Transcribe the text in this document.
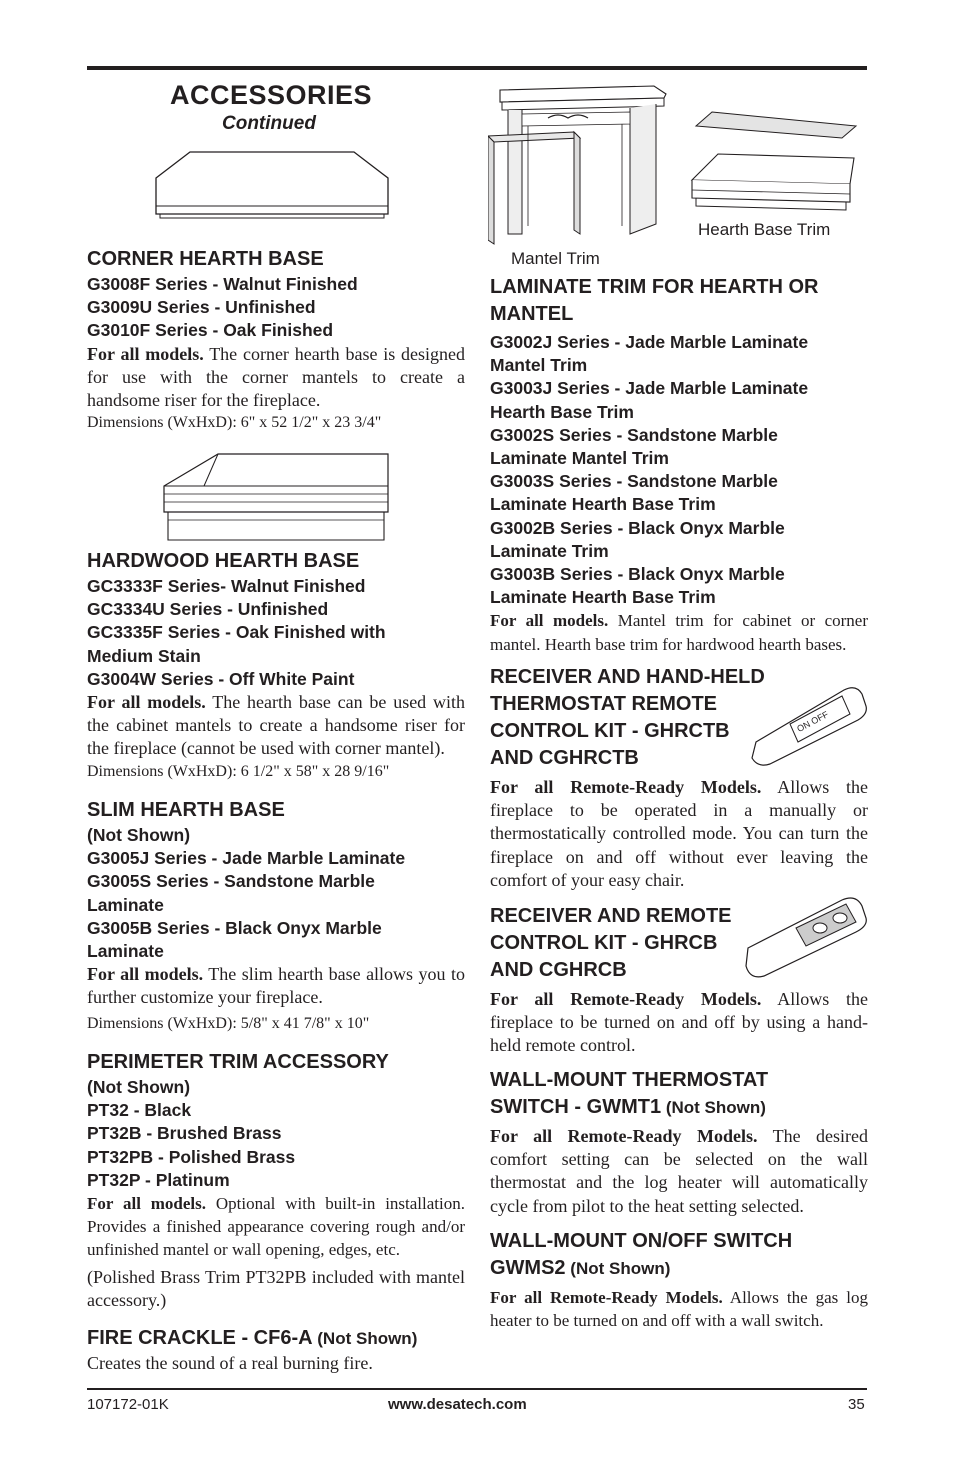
ACCESSORIES
Continued

CORNER HEARTH BASE

G3008F Series - Walnut Finished

G3009U Series - Unfinished

G3010F Series - Oak Finished

For all models. The corner hearth base is designed for use with the corner mantels to create a handsome riser for the fireplace.

Dimensions (WxHxD): 6" x 52 1/2" x 23 3/4"

HARDWOOD HEARTH BASE

GC3333F Series- Walnut Finished

GC3334U Series - Unfinished

GC3335F Series - Oak Finished with

Medium Stain

G3004W Series - Off White Paint

For all models. The hearth base can be used with the cabinet mantels to create a handsome riser for the fireplace (cannot be used with corner mantel).

Dimensions (WxHxD): 6 1/2" x 58" x 28 9/16"

SLIM HEARTH BASE

(Not Shown)

G3005J Series - Jade Marble Laminate

G3005S Series - Sandstone Marble

Laminate

G3005B Series - Black Onyx Marble

Laminate

For all models. The slim hearth base allows you to further customize your fireplace.

Dimensions (WxHxD): 5/8" x 41 7/8" x 10"

PERIMETER TRIM ACCESSORY

(Not Shown)

PT32 - Black

PT32B - Brushed Brass

PT32PB - Polished Brass

PT32P - Platinum

For all models. Optional with built-in installation. Provides a finished appearance covering rough and/or unfinished mantel or wall opening, edges, etc.

(Polished Brass Trim PT32PB included with mantel accessory.)

FIRE CRACKLE - CF6-A (Not Shown)

Creates the sound of a real burning fire.

Hearth Base Trim
Mantel Trim

LAMINATE TRIM FOR HEARTH OR MANTEL

G3002J Series - Jade Marble Laminate

Mantel Trim

G3003J Series - Jade Marble Laminate

Hearth Base Trim

G3002S Series - Sandstone Marble

Laminate Mantel Trim

G3003S Series - Sandstone Marble

Laminate Hearth Base Trim

G3002B Series - Black Onyx Marble

Laminate Trim

G3003B Series - Black Onyx Marble

Laminate Hearth Base Trim

For all models. Mantel trim for cabinet or corner mantel. Hearth base trim for hardwood hearth bases.

RECEIVER AND HAND-HELD

THERMOSTAT REMOTE

CONTROL KIT - GHRCTB

AND CGHRCTB

For all Remote-Ready Models. Allows the fireplace to be operated in a manually or thermostatically controlled mode. You can turn the fireplace on and off without ever leaving the comfort of your easy chair.

ON OFF

RECEIVER AND REMOTE

CONTROL KIT - GHRCB

AND CGHRCB

For all Remote-Ready Models. Allows the fireplace to be turned on and off by using a hand-held remote control.

WALL-MOUNT THERMOSTAT

SWITCH - GWMT1 (Not Shown)

For all Remote-Ready Models. The desired comfort setting can be selected on the wall thermostat and the log heater will automatically cycle from pilot to the heat setting selected.

WALL-MOUNT ON/OFF SWITCH

GWMS2 (Not Shown)

For all Remote-Ready Models. Allows the gas log heater to be turned on and off with a wall switch.

107172-01K	www.desatech.com	35
